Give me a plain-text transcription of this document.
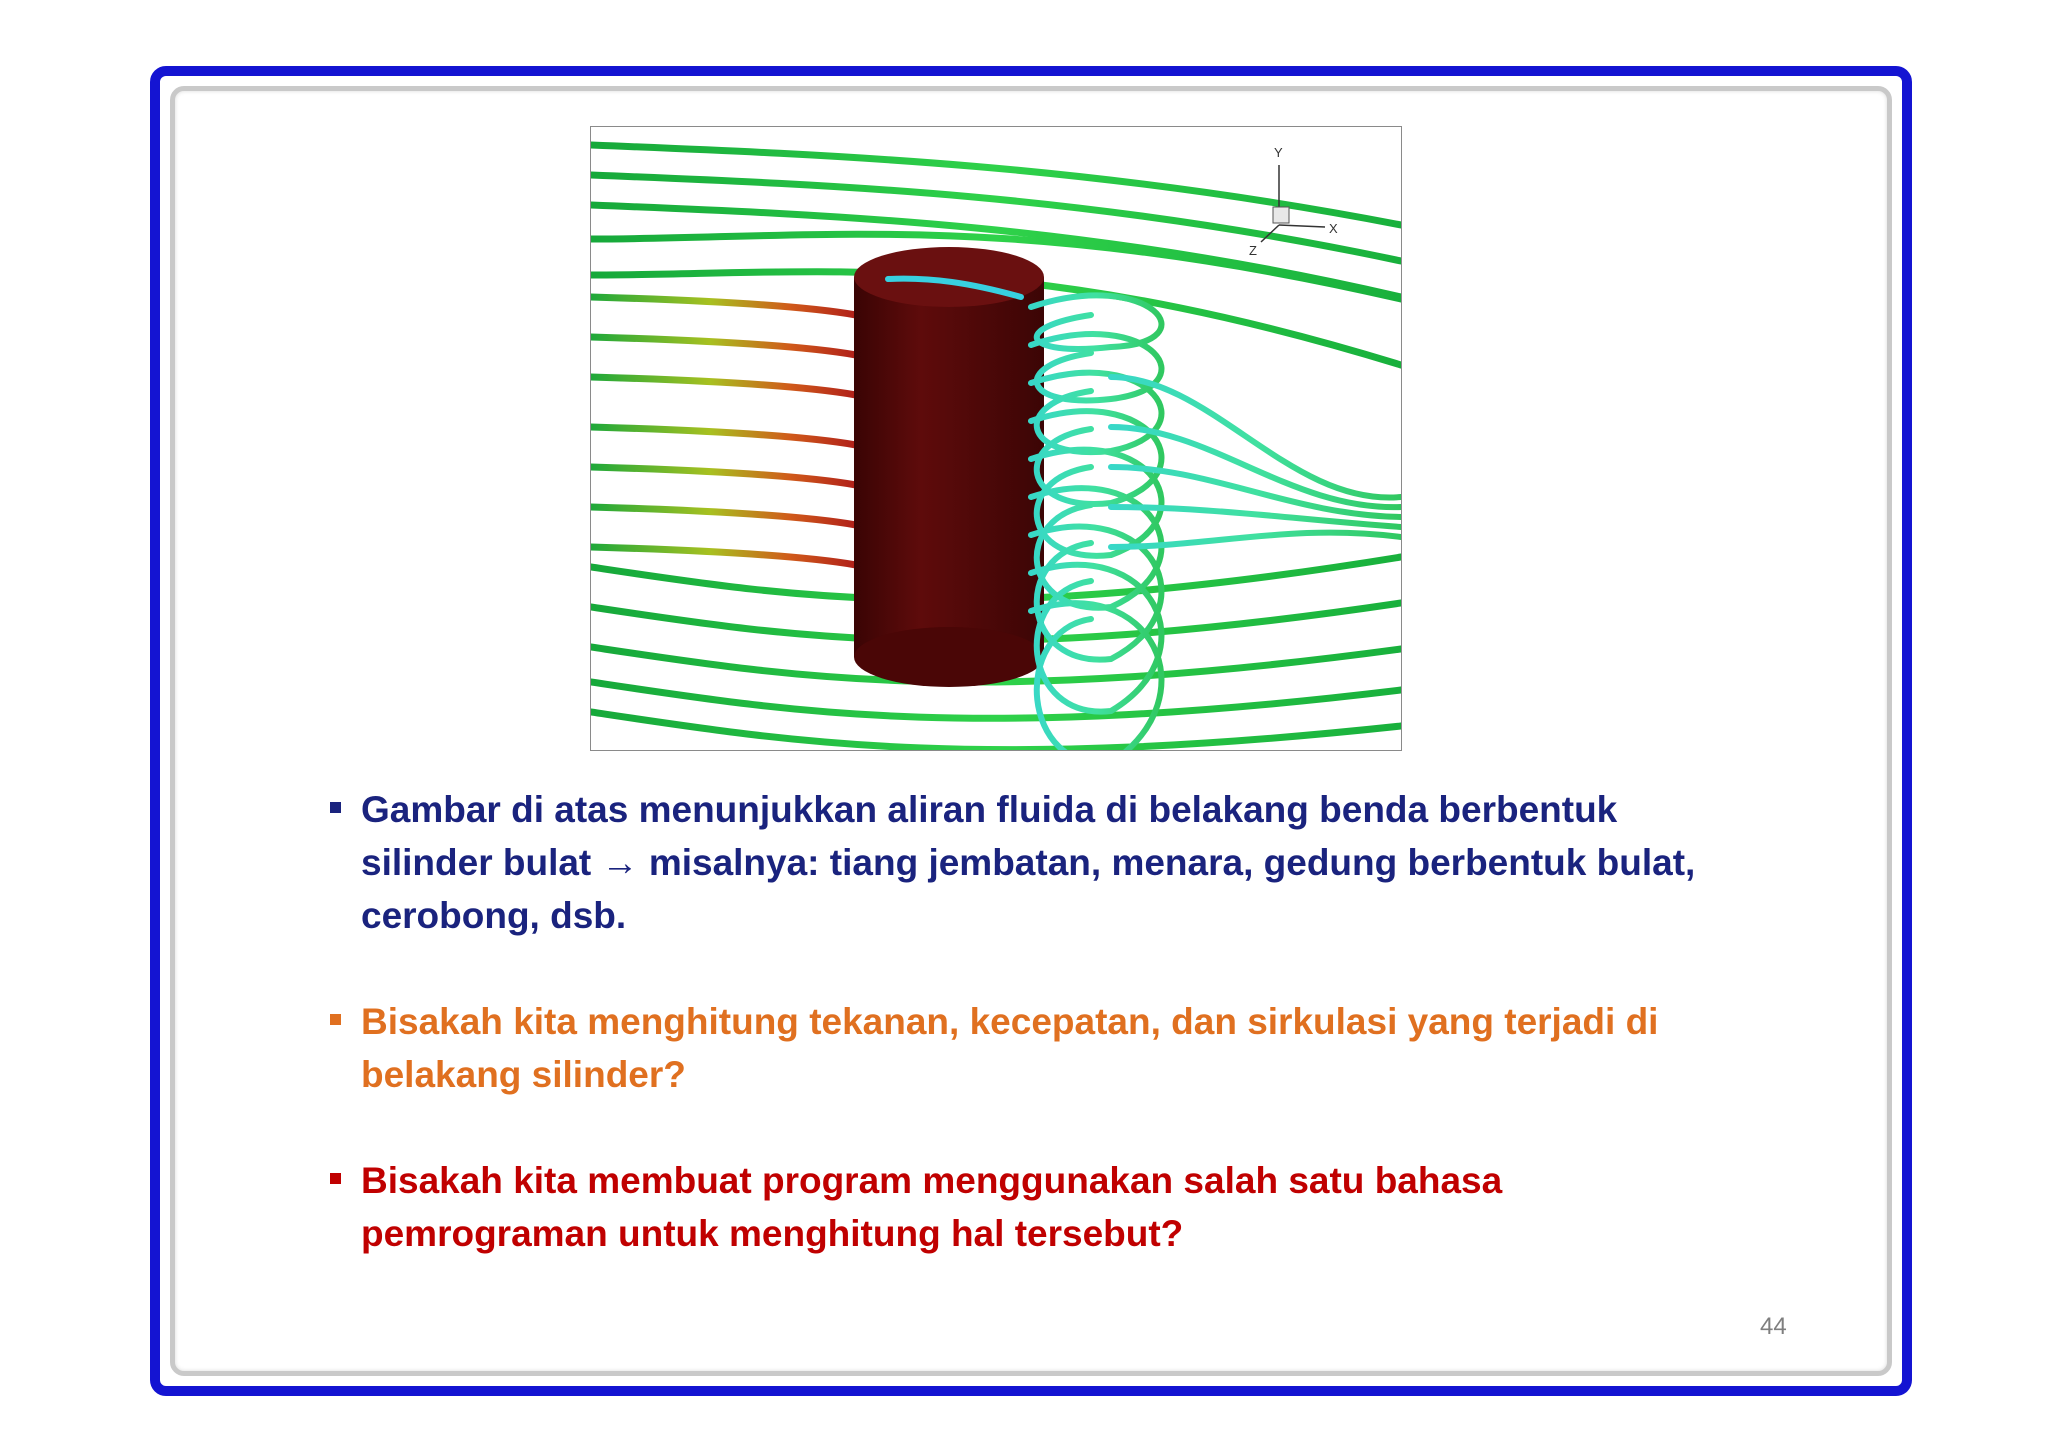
Y
X
Z
Gambar di atas menunjukkan aliran fluida di belakang benda berbentuk silinder bulat → misalnya: tiang jembatan, menara, gedung berbentuk bulat, cerobong, dsb.
Bisakah kita menghitung tekanan, kecepatan, dan sirkulasi yang terjadi di belakang silinder?
Bisakah kita membuat program menggunakan salah satu bahasa pemrograman untuk menghitung hal tersebut?
44
